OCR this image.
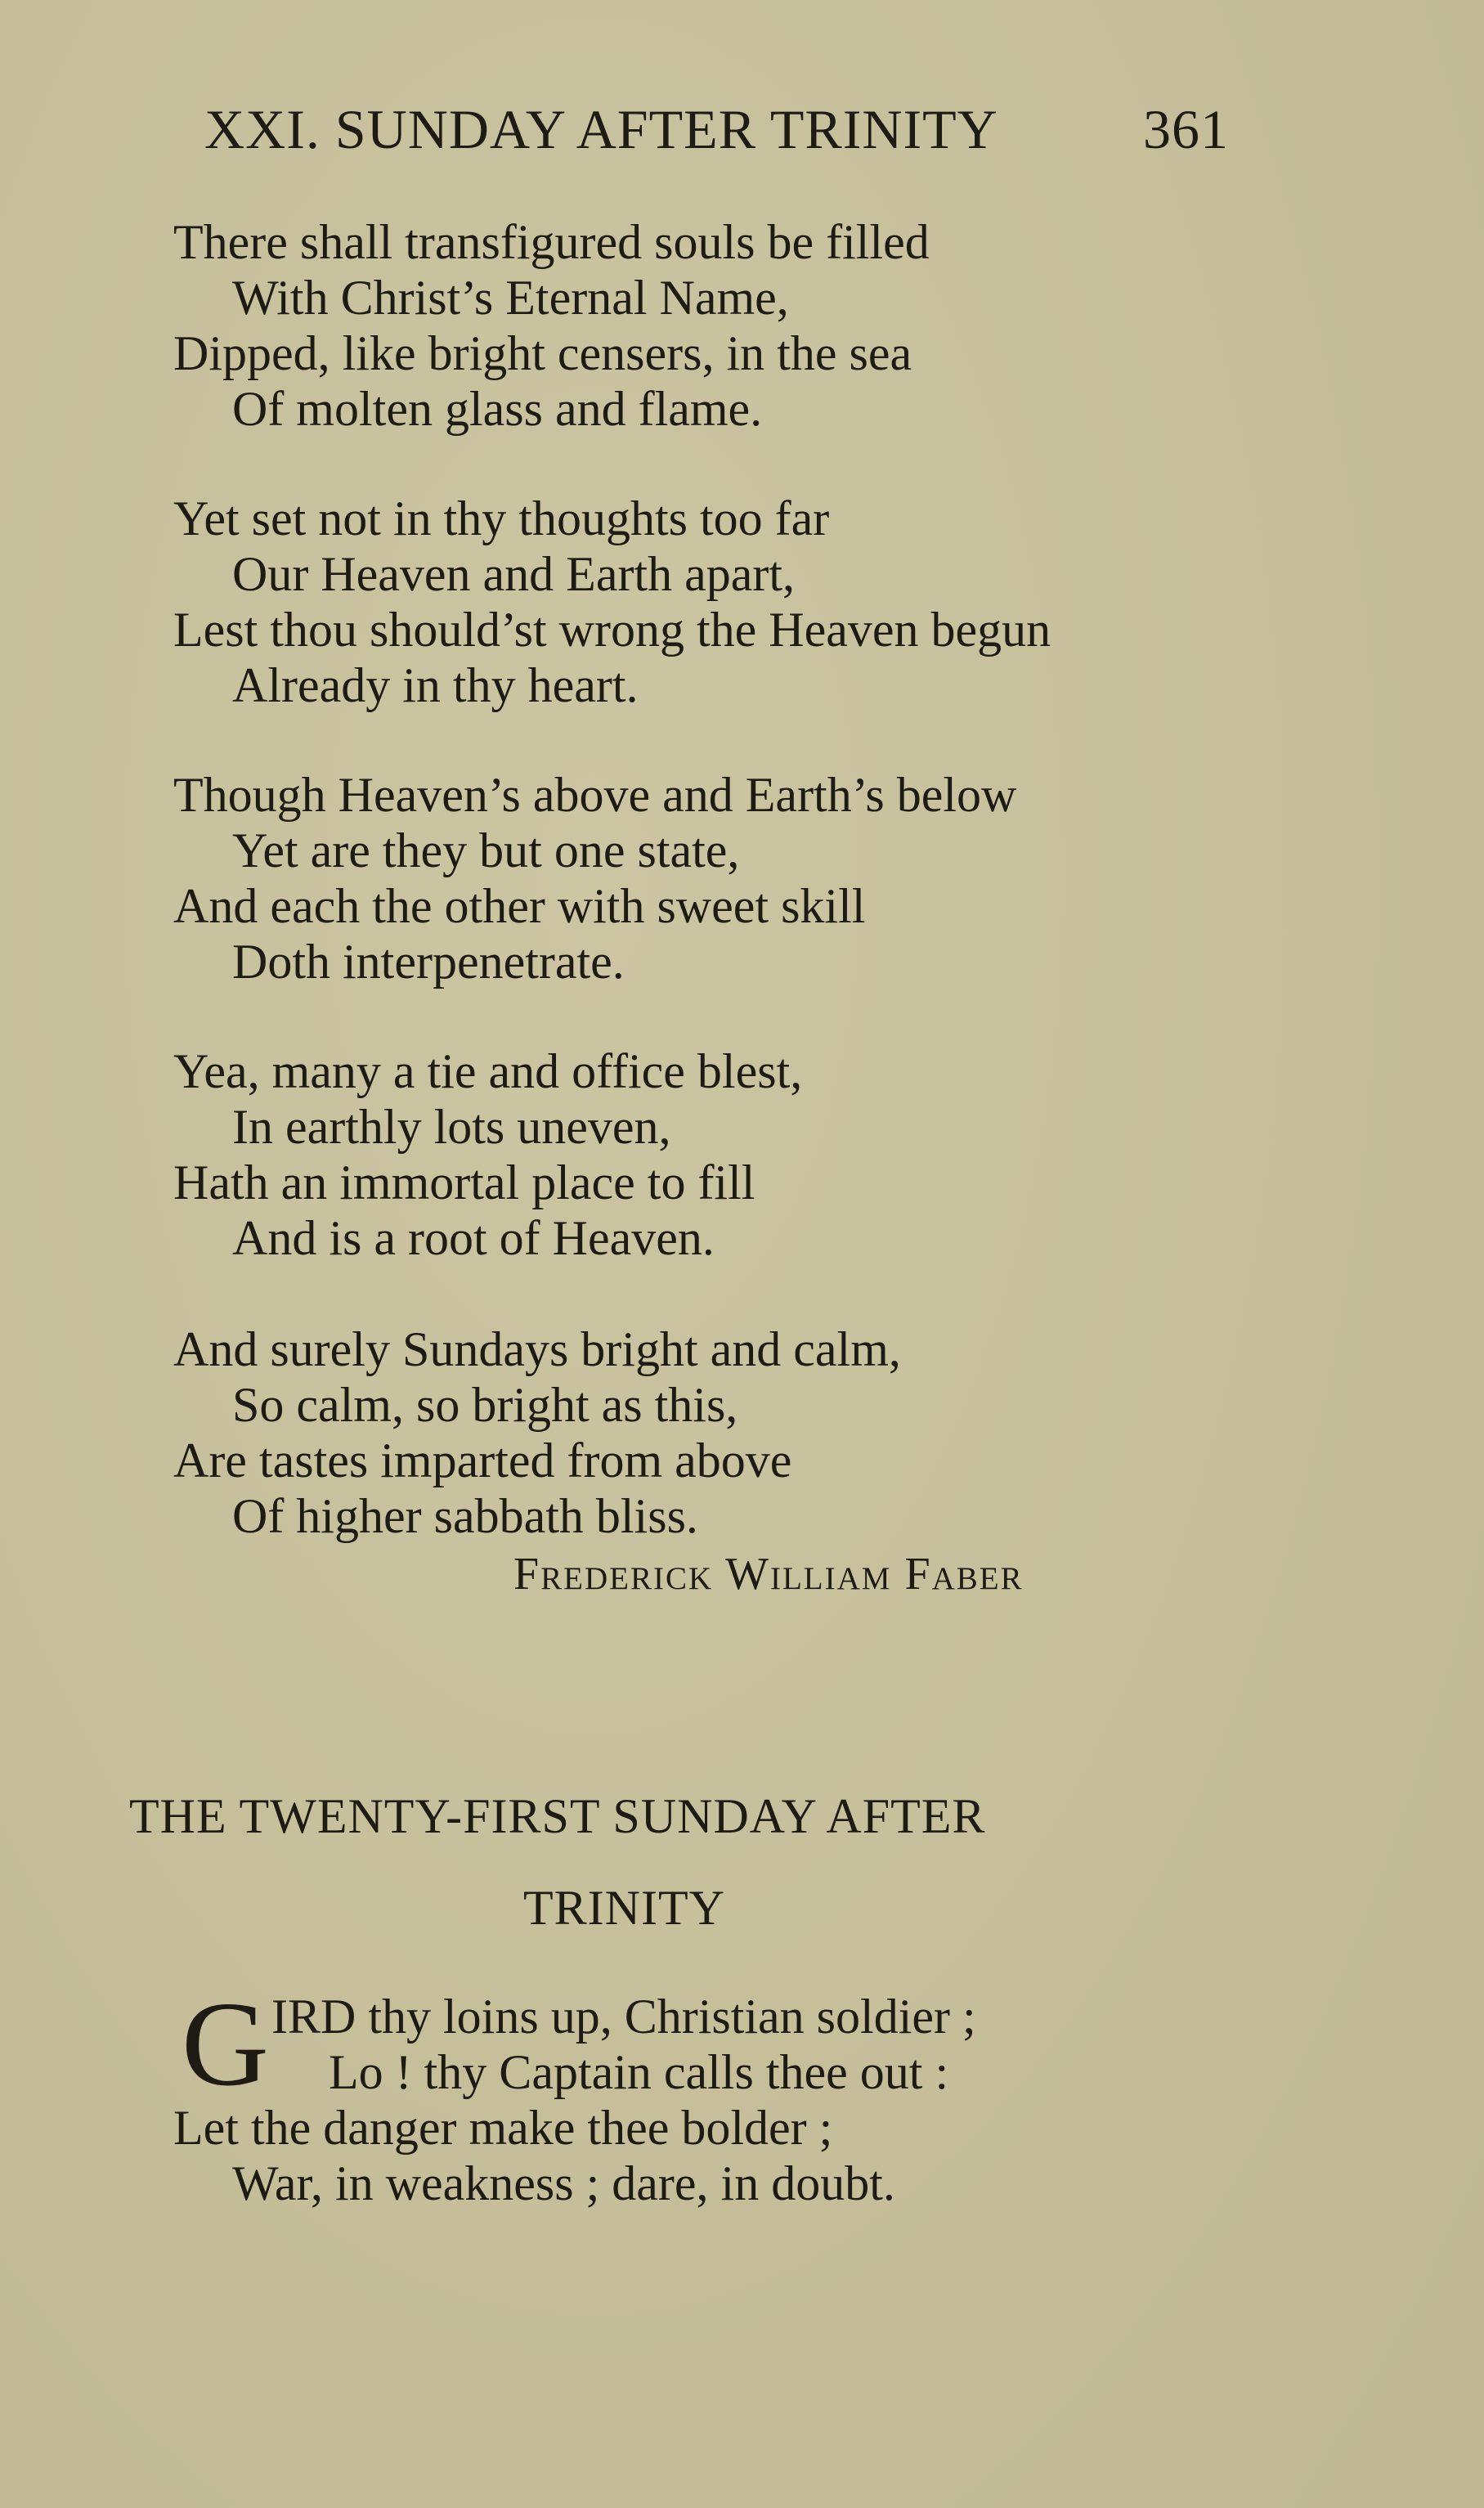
XXI. SUNDAY AFTER TRINITY	361
There shall transfigured souls be filled
With Christ’s Eternal Name,
Dipped, like bright censers, in the sea
Of molten glass and flame.
Yet set not in thy thoughts too far
Our Heaven and Earth apart,
Lest thou should’st wrong the Heaven begun
Already in thy heart.
Though Heaven’s above and Earth’s below
Yet are they but one state,
And each the other with sweet skill
Doth interpenetrate.
Yea, many a tie and office blest,
In earthly lots uneven,
Hath an immortal place to fill
And is a root of Heaven.
And surely Sundays bright and calm,
So calm, so bright as this,
Are tastes imparted from above
Of higher sabbath bliss.
Frederick William Faber
THE TWENTY-FIRST SUNDAY AFTER
TRINITY
G IRD thy loins up, Christian soldier ;
Lo ! thy Captain calls thee out :
Let the danger make thee bolder ;
War, in weakness ; dare, in doubt.
